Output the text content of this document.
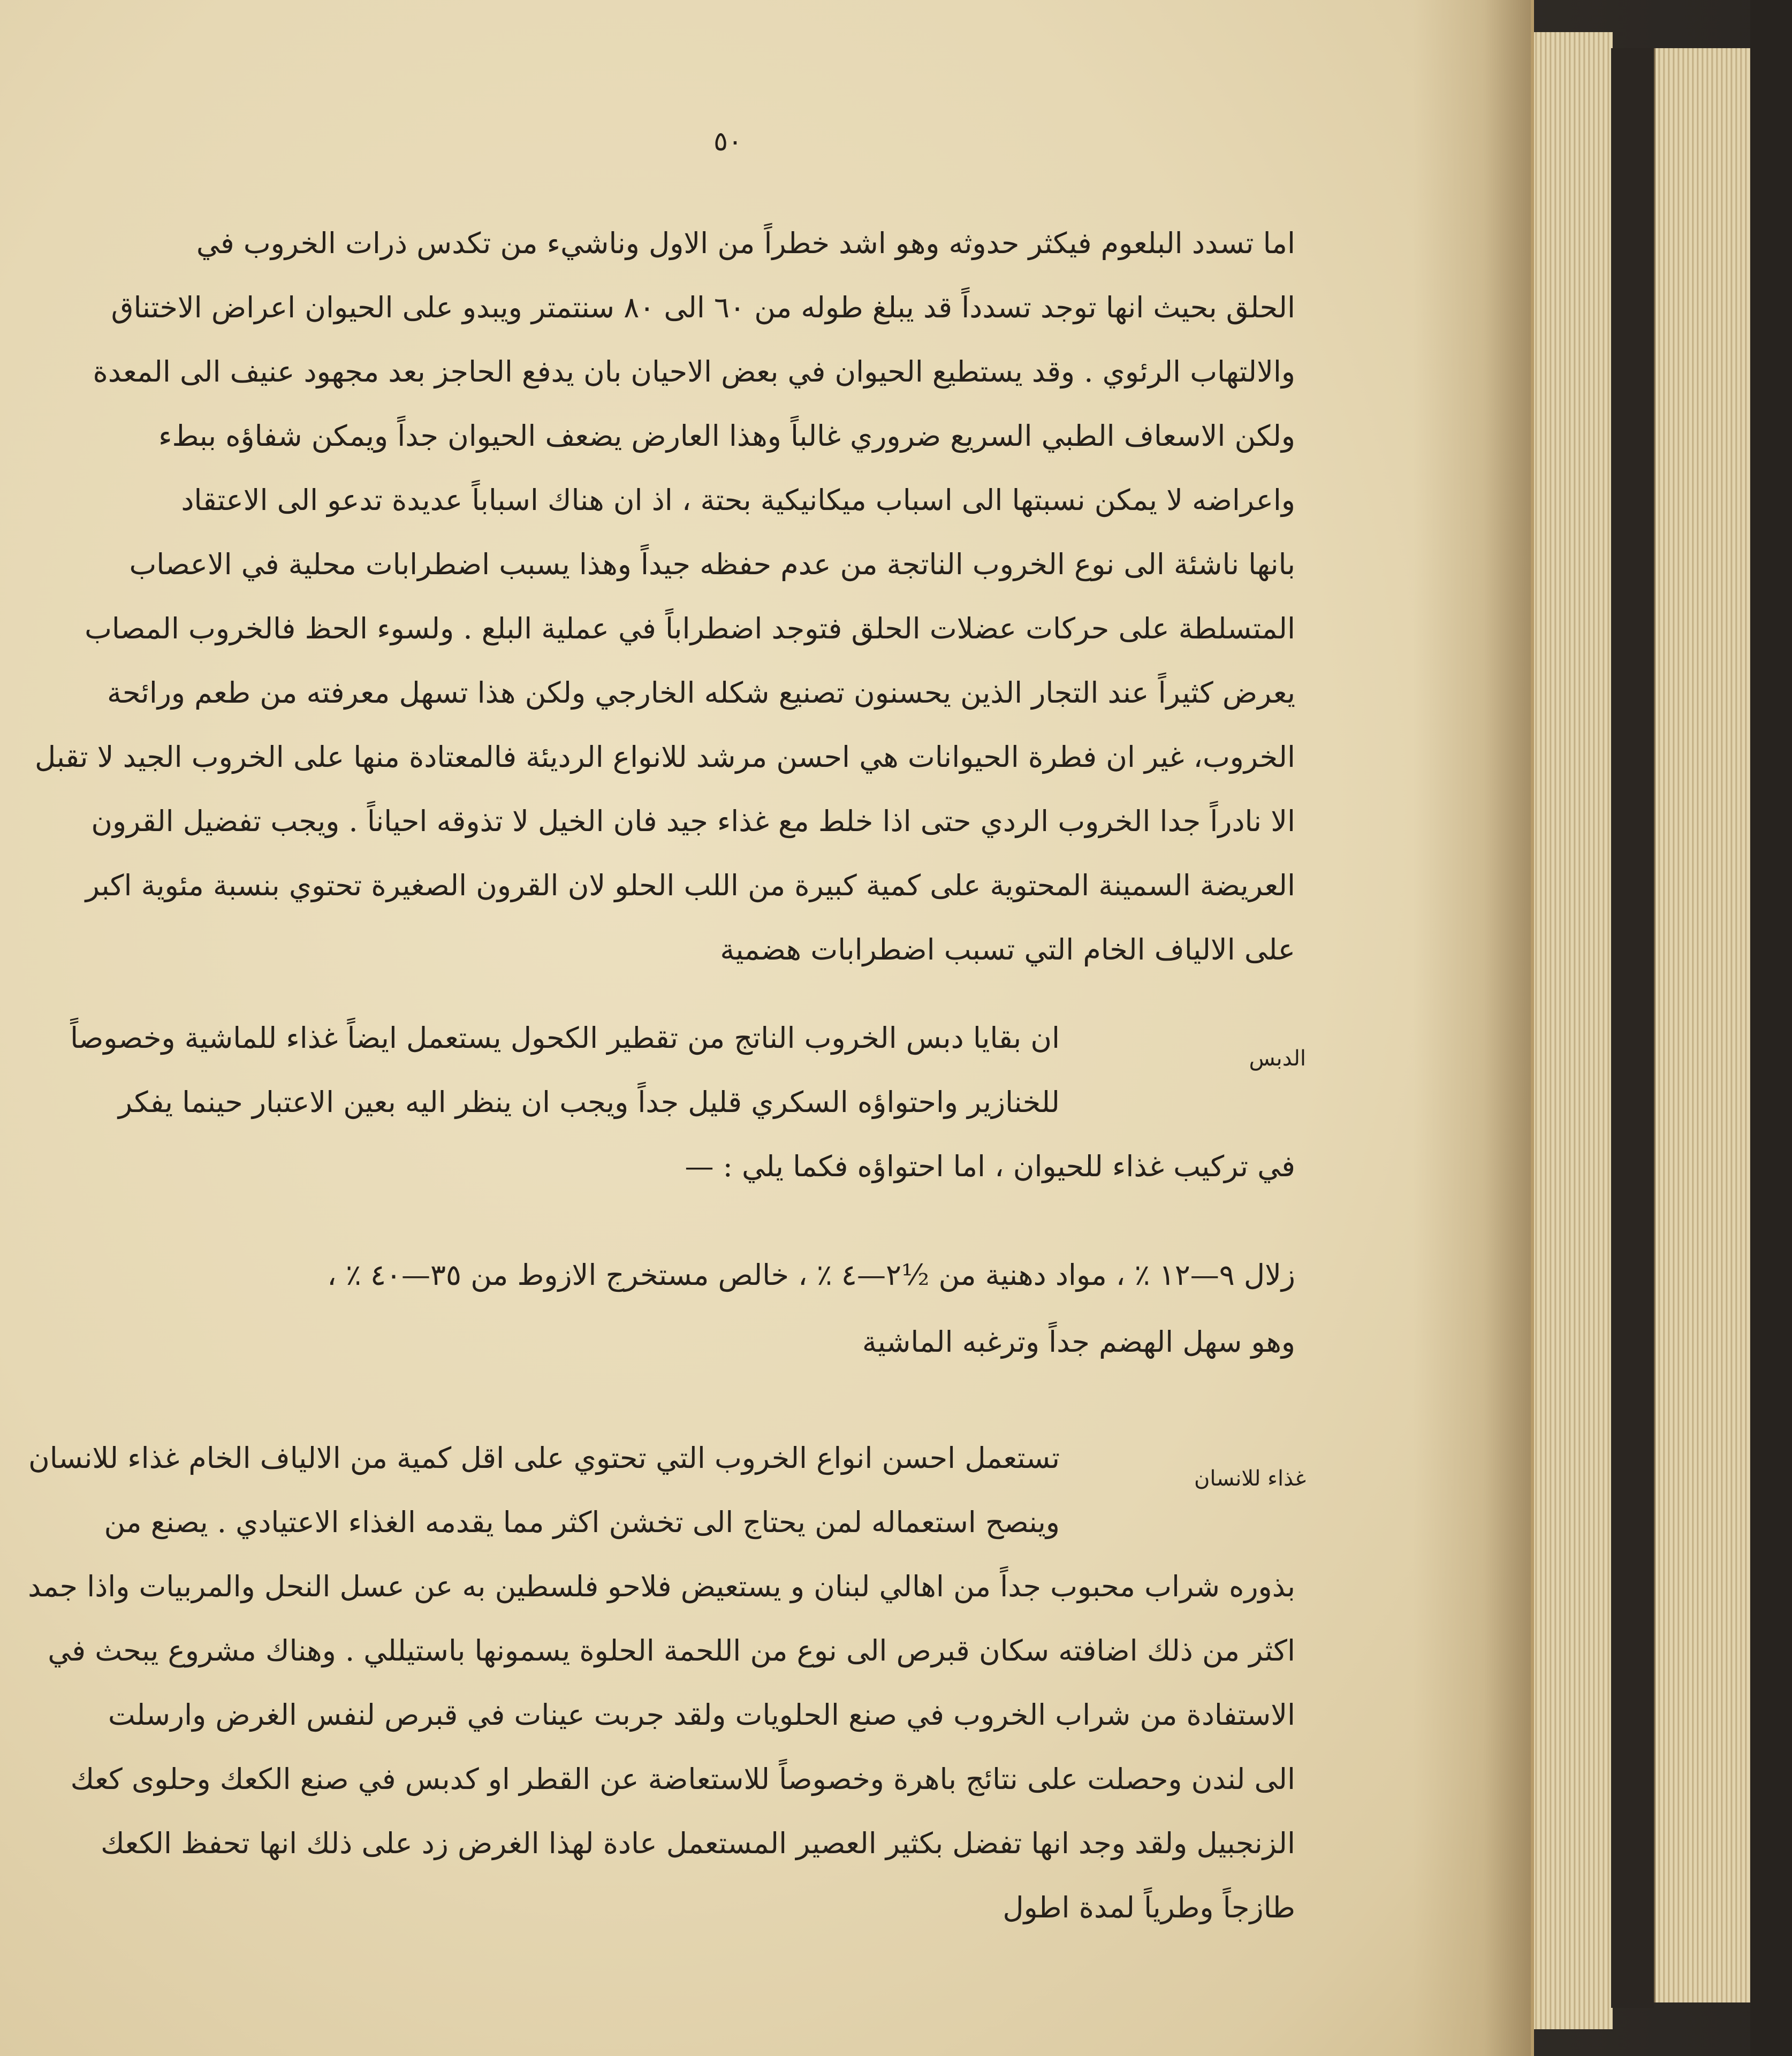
٥٠
اما تسدد البلعوم فيكثر حدوثه وهو اشد خطراً من الاول وناشيء من تكدس ذرات الخروب في
الحلق بحيث انها توجد تسدداً قد يبلغ طوله من ٦٠ الى ٨٠ سنتمتر ويبدو على الحيوان اعراض الاختناق
والالتهاب الرئوي . وقد يستطيع الحيوان في بعض الاحيان بان يدفع الحاجز بعد مجهود عنيف الى المعدة
ولكن الاسعاف الطبي السريع ضروري غالباً وهذا العارض يضعف الحيوان جداً ويمكن شفاؤه ببطء
واعراضه لا يمكن نسبتها الى اسباب ميكانيكية بحتة ، اذ ان هناك اسباباً عديدة تدعو الى الاعتقاد
بانها ناشئة الى نوع الخروب الناتجة من عدم حفظه جيداً وهذا يسبب اضطرابات محلية في الاعصاب
المتسلطة على حركات عضلات الحلق فتوجد اضطراباً في عملية البلع . ولسوء الحظ فالخروب المصاب
يعرض كثيراً عند التجار الذين يحسنون تصنيع شكله الخارجي ولكن هذا تسهل معرفته من طعم ورائحة
الخروب، غير ان فطرة الحيوانات هي احسن مرشد للانواع الرديئة فالمعتادة منها على الخروب الجيد لا تقبل
الا نادراً جدا الخروب الردي حتى اذا خلط مع غذاء جيد فان الخيل لا تذوقه احياناً . ويجب تفضيل القرون
العريضة السمينة المحتوية على كمية كبيرة من اللب الحلو لان القرون الصغيرة تحتوي بنسبة مئوية اكبر
على الالياف الخام التي تسبب اضطرابات هضمية
الدبس
ان بقايا دبس الخروب الناتج من تقطير الكحول يستعمل ايضاً غذاء للماشية وخصوصاً
للخنازير واحتواؤه السكري قليل جداً ويجب ان ينظر اليه بعين الاعتبار حينما يفكر
في تركيب غذاء للحيوان ، اما احتواؤه فكما يلي : —
زلال ٩—١٢ ٪ ، مواد دهنية من ½٢—٤ ٪ ، خالص مستخرج الازوط من ٣٥—٤٠ ٪ ،
وهو سهل الهضم جداً وترغبه الماشية
غذاء للانسان
تستعمل احسن انواع الخروب التي تحتوي على اقل كمية من الالياف الخام غذاء للانسان
وينصح استعماله لمن يحتاج الى تخشن اكثر مما يقدمه الغذاء الاعتيادي . يصنع من
بذوره شراب محبوب جداً من اهالي لبنان و يستعيض فلاحو فلسطين به عن عسل النحل والمربيات واذا جمد
اكثر من ذلك اضافته سكان قبرص الى نوع من اللحمة الحلوة يسمونها باستيللي . وهناك مشروع يبحث في
الاستفادة من شراب الخروب في صنع الحلويات ولقد جربت عينات في قبرص لنفس الغرض وارسلت
الى لندن وحصلت على نتائج باهرة وخصوصاً للاستعاضة عن القطر او كدبس في صنع الكعك وحلوى كعك
الزنجبيل ولقد وجد انها تفضل بكثير العصير المستعمل عادة لهذا الغرض زد على ذلك انها تحفظ الكعك
طازجاً وطرياً لمدة اطول
